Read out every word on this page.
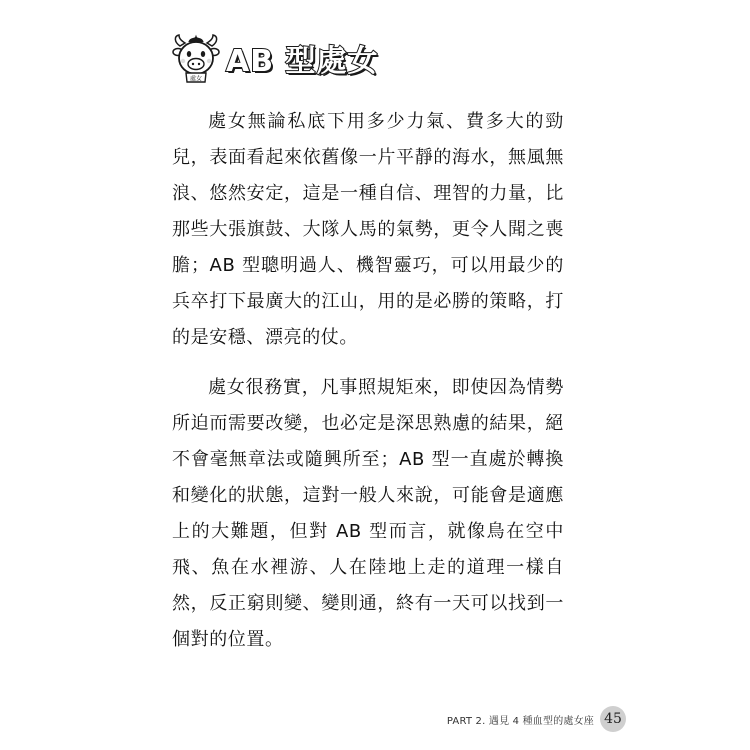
處女 AB 型處女

處女無論私底下用多少力氣、費多大的勁兒，表面看起來依舊像一片平靜的海水，無風無浪、悠然安定，這是一種自信、理智的力量，比那些大張旗鼓、大隊人馬的氣勢，更令人聞之喪膽；AB 型聰明過人、機智靈巧，可以用最少的兵卒打下最廣大的江山，用的是必勝的策略，打的是安穩、漂亮的仗。

處女很務實，凡事照規矩來，即使因為情勢所迫而需要改變，也必定是深思熟慮的結果，絕不會毫無章法或隨興所至；AB 型一直處於轉換和變化的狀態，這對一般人來說，可能會是適應上的大難題，但對 AB 型而言，就像鳥在空中飛、魚在水裡游、人在陸地上走的道理一樣自然，反正窮則變、變則通，終有一天可以找到一個對的位置。

PART 2. 遇見 4 種血型的處女座 45
